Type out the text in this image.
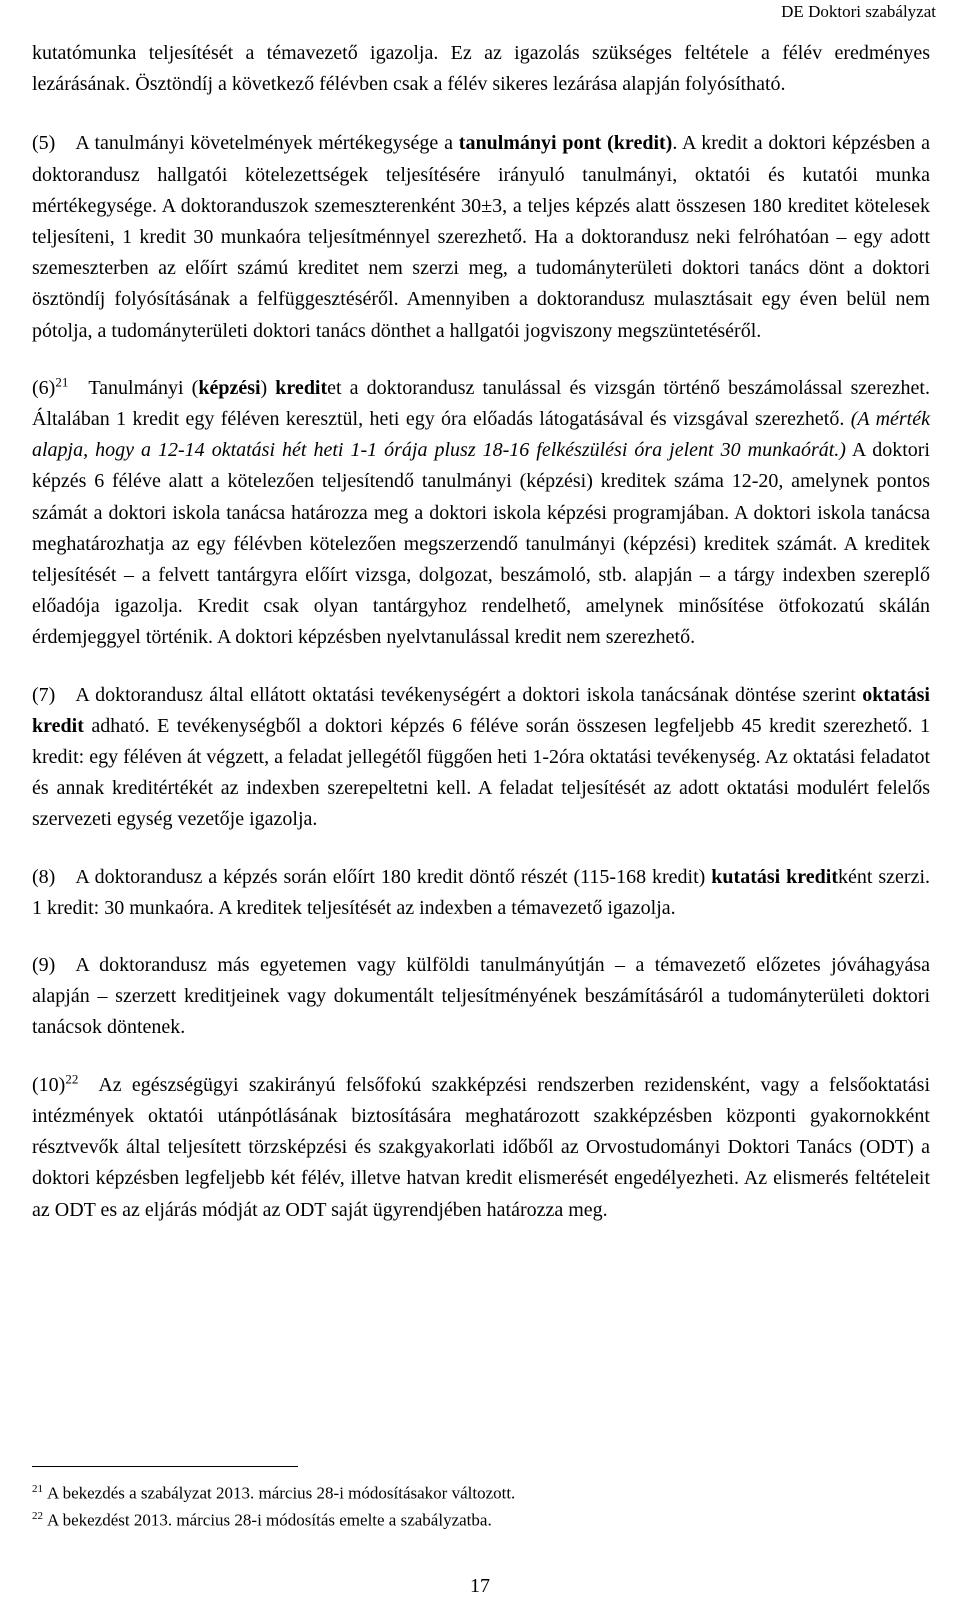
DE Doktori szabályzat

kutatómunka teljesítését a témavezető igazolja. Ez az igazolás szükséges feltétele a félév eredményes lezárásának. Ösztöndíj a következő félévben csak a félév sikeres lezárása alapján folyósítható.

(5) A tanulmányi követelmények mértékegysége a tanulmányi pont (kredit). A kredit a doktori képzésben a doktorandusz hallgatói kötelezettségek teljesítésére irányuló tanulmányi, oktatói és kutatói munka mértékegysége. A doktoranduszok szemeszterenként 30±3, a teljes képzés alatt összesen 180 kreditet kötelesek teljesíteni, 1 kredit 30 munkaóra teljesítménnyel szerezhető. Ha a doktorandusz neki felróhatóan – egy adott szemeszterben az előírt számú kreditet nem szerzi meg, a tudományterületi doktori tanács dönt a doktori ösztöndíj folyósításának a felfüggesztéséről. Amennyiben a doktorandusz mulasztásait egy éven belül nem pótolja, a tudományterületi doktori tanács dönthet a hallgatói jogviszony megszüntetéséről.

$(6)^{21}$ Tanulmányi (képzési) kreditet a doktorandusz tanulással és vizsgán történő beszámolással szerezhet. Általában 1 kredit egy féléven keresztül, heti egy óra előadás látogatásával és vizsgával szerezhető. (A mérték alapja, hogy a 12-14 oktatási hét heti 1-1 órája plusz 18-16 felkészülési óra jelent 30 munkaórát.) A doktori képzés 6 féléve alatt a kötelezően teljesítendő tanulmányi (képzési) kreditek száma 12-20, amelynek pontos számát a doktori iskola tanácsa határozza meg a doktori iskola képzési programjában. A doktori iskola tanácsa meghatározhatja az egy félévben kötelezően megszerzendő tanulmányi (képzési) kreditek számát. A kreditek teljesítését – a felvett tantárgyra előírt vizsga, dolgozat, beszámoló, stb. alapján – a tárgy indexben szereplő előadója igazolja. Kredit csak olyan tantárgyhoz rendelhető, amelynek minősítése ötfokozatú skálán érdemjeggyel történik. A doktori képzésben nyelvtanulással kredit nem szerezhető.

(7) A doktorandusz által ellátott oktatási tevékenységért a doktori iskola tanácsának döntése szerint oktatási kredit adható. E tevékenységből a doktori képzés 6 féléve során összesen legfeljebb 45 kredit szerezhető. 1 kredit: egy féléven át végzett, a feladat jellegétől függően heti 1-2óra oktatási tevékenység. Az oktatási feladatot és annak kreditértékét az indexben szerepeltetni kell. A feladat teljesítését az adott oktatási modulért felelős szervezeti egység vezetője igazolja.

(8) A doktorandusz a képzés során előírt 180 kredit döntő részét (115-168 kredit) kutatási kreditként szerzi. 1 kredit: 30 munkaóra. A kreditek teljesítését az indexben a témavezető igazolja.

(9) A doktorandusz más egyetemen vagy külföldi tanulmányútján – a témavezető előzetes jóváhagyása alapján – szerzett kreditjeinek vagy dokumentált teljesítményének beszámításáról a tudományterületi doktori tanácsok döntenek.

$(10)^{22}$ Az egészségügyi szakirányú felsőfokú szakképzési rendszerben rezidensként, vagy a felsőoktatási intézmények oktatói utánpótlásának biztosítására meghatározott szakképzésben központi gyakornokként résztvevők által teljesített törzsképzési és szakgyakorlati időből az Orvostudományi Doktori Tanács (ODT) a doktori képzésben legfeljebb két félév, illetve hatvan kredit elismerését engedélyezheti. Az elismerés feltételeit az ODT es az eljárás módját az ODT saját ügyrendjében határozza meg.

$^{21}$ A bekezdés a szabályzat 2013. március 28-i módosításakor változott.
$^{22}$ A bekezdést 2013. március 28-i módosítás emelte a szabályzatba.
17
